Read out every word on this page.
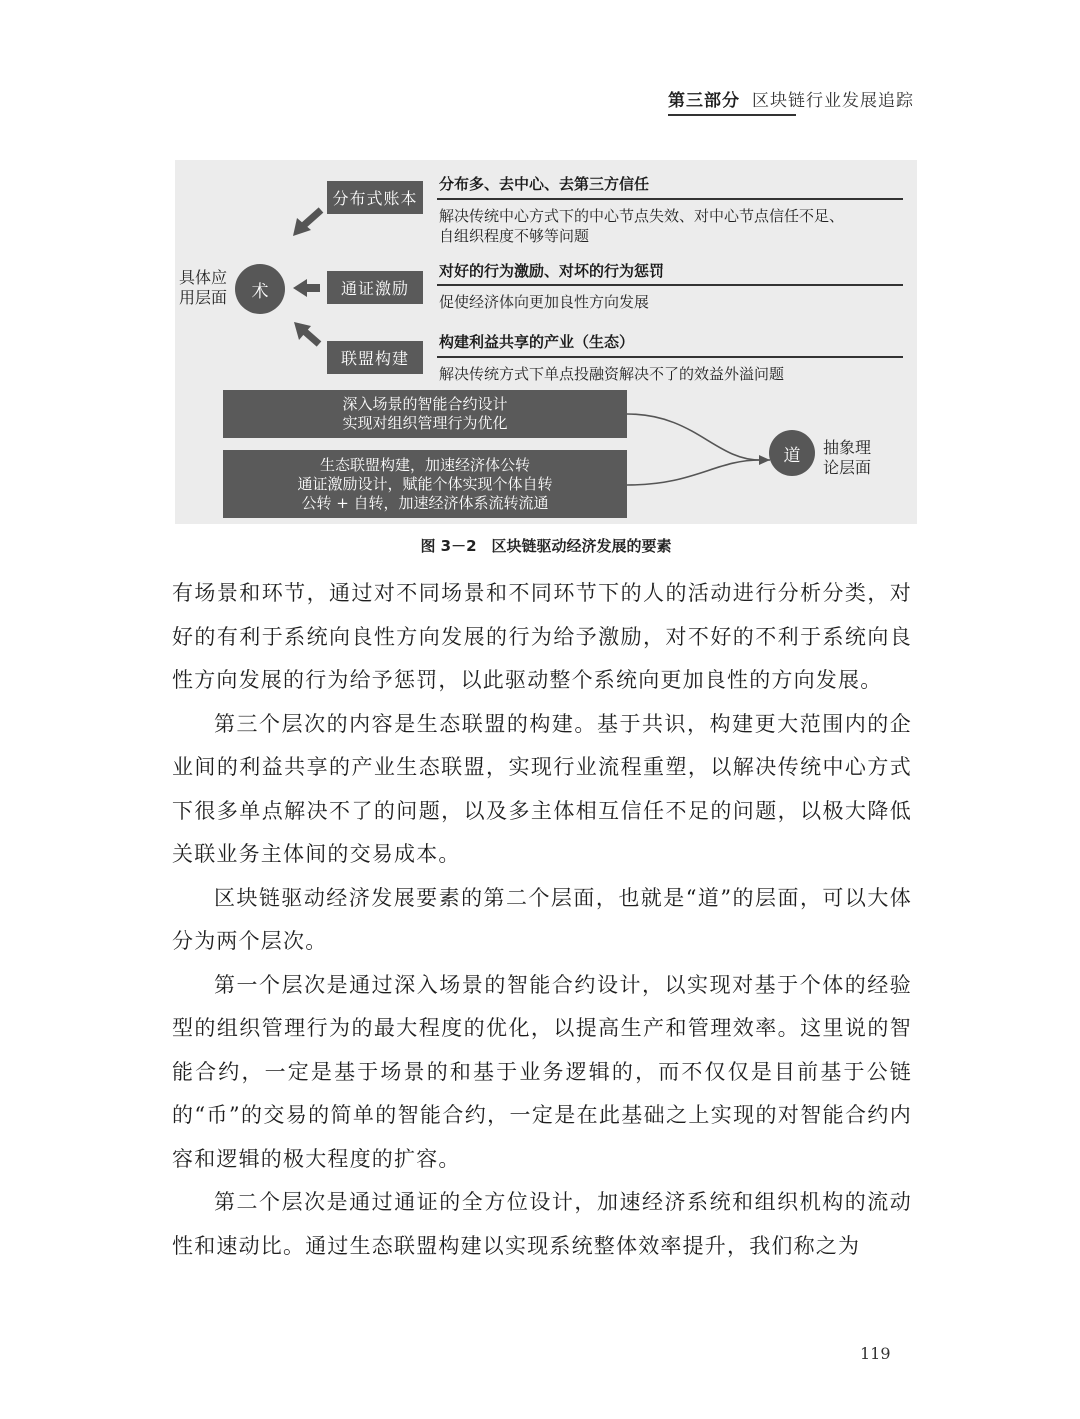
第三部分 区块链行业发展追踪
具体应用层面	术
分布式账本
通证激励
联盟构建
分布多、去中心、去第三方信任
解决传统中心方式下的中心节点失效、对中心节点信任不足、
自组织程度不够等问题
对好的行为激励、对坏的行为惩罚
促使经济体向更加良性方向发展
构建利益共享的产业（生态）
解决传统方式下单点投融资解决不了的效益外溢问题
深入场景的智能合约设计
实现对组织管理行为优化
生态联盟构建，加速经济体公转
通证激励设计，赋能个体实现个体自转
公转 + 自转，加速经济体系流转流通
道 抽象理论层面
图 3－2　区块链驱动经济发展的要素

有场景和环节，通过对不同场景和不同环节下的人的活动进行分析分类，对好的有利于系统向良性方向发展的行为给予激励，对不好的不利于系统向良性方向发展的行为给予惩罚，以此驱动整个系统向更加良性的方向发展。

第三个层次的内容是生态联盟的构建。基于共识，构建更大范围内的企业间的利益共享的产业生态联盟，实现行业流程重塑，以解决传统中心方式下很多单点解决不了的问题，以及多主体相互信任不足的问题，以极大降低关联业务主体间的交易成本。

区块链驱动经济发展要素的第二个层面，也就是“道”的层面，可以大体分为两个层次。

第一个层次是通过深入场景的智能合约设计，以实现对基于个体的经验型的组织管理行为的最大程度的优化，以提高生产和管理效率。这里说的智能合约，一定是基于场景的和基于业务逻辑的，而不仅仅是目前基于公链的“币”的交易的简单的智能合约，一定是在此基础之上实现的对智能合约内容和逻辑的极大程度的扩容。

第二个层次是通过通证的全方位设计，加速经济系统和组织机构的流动性和速动比。通过生态联盟构建以实现系统整体效率提升，我们称之为

119
